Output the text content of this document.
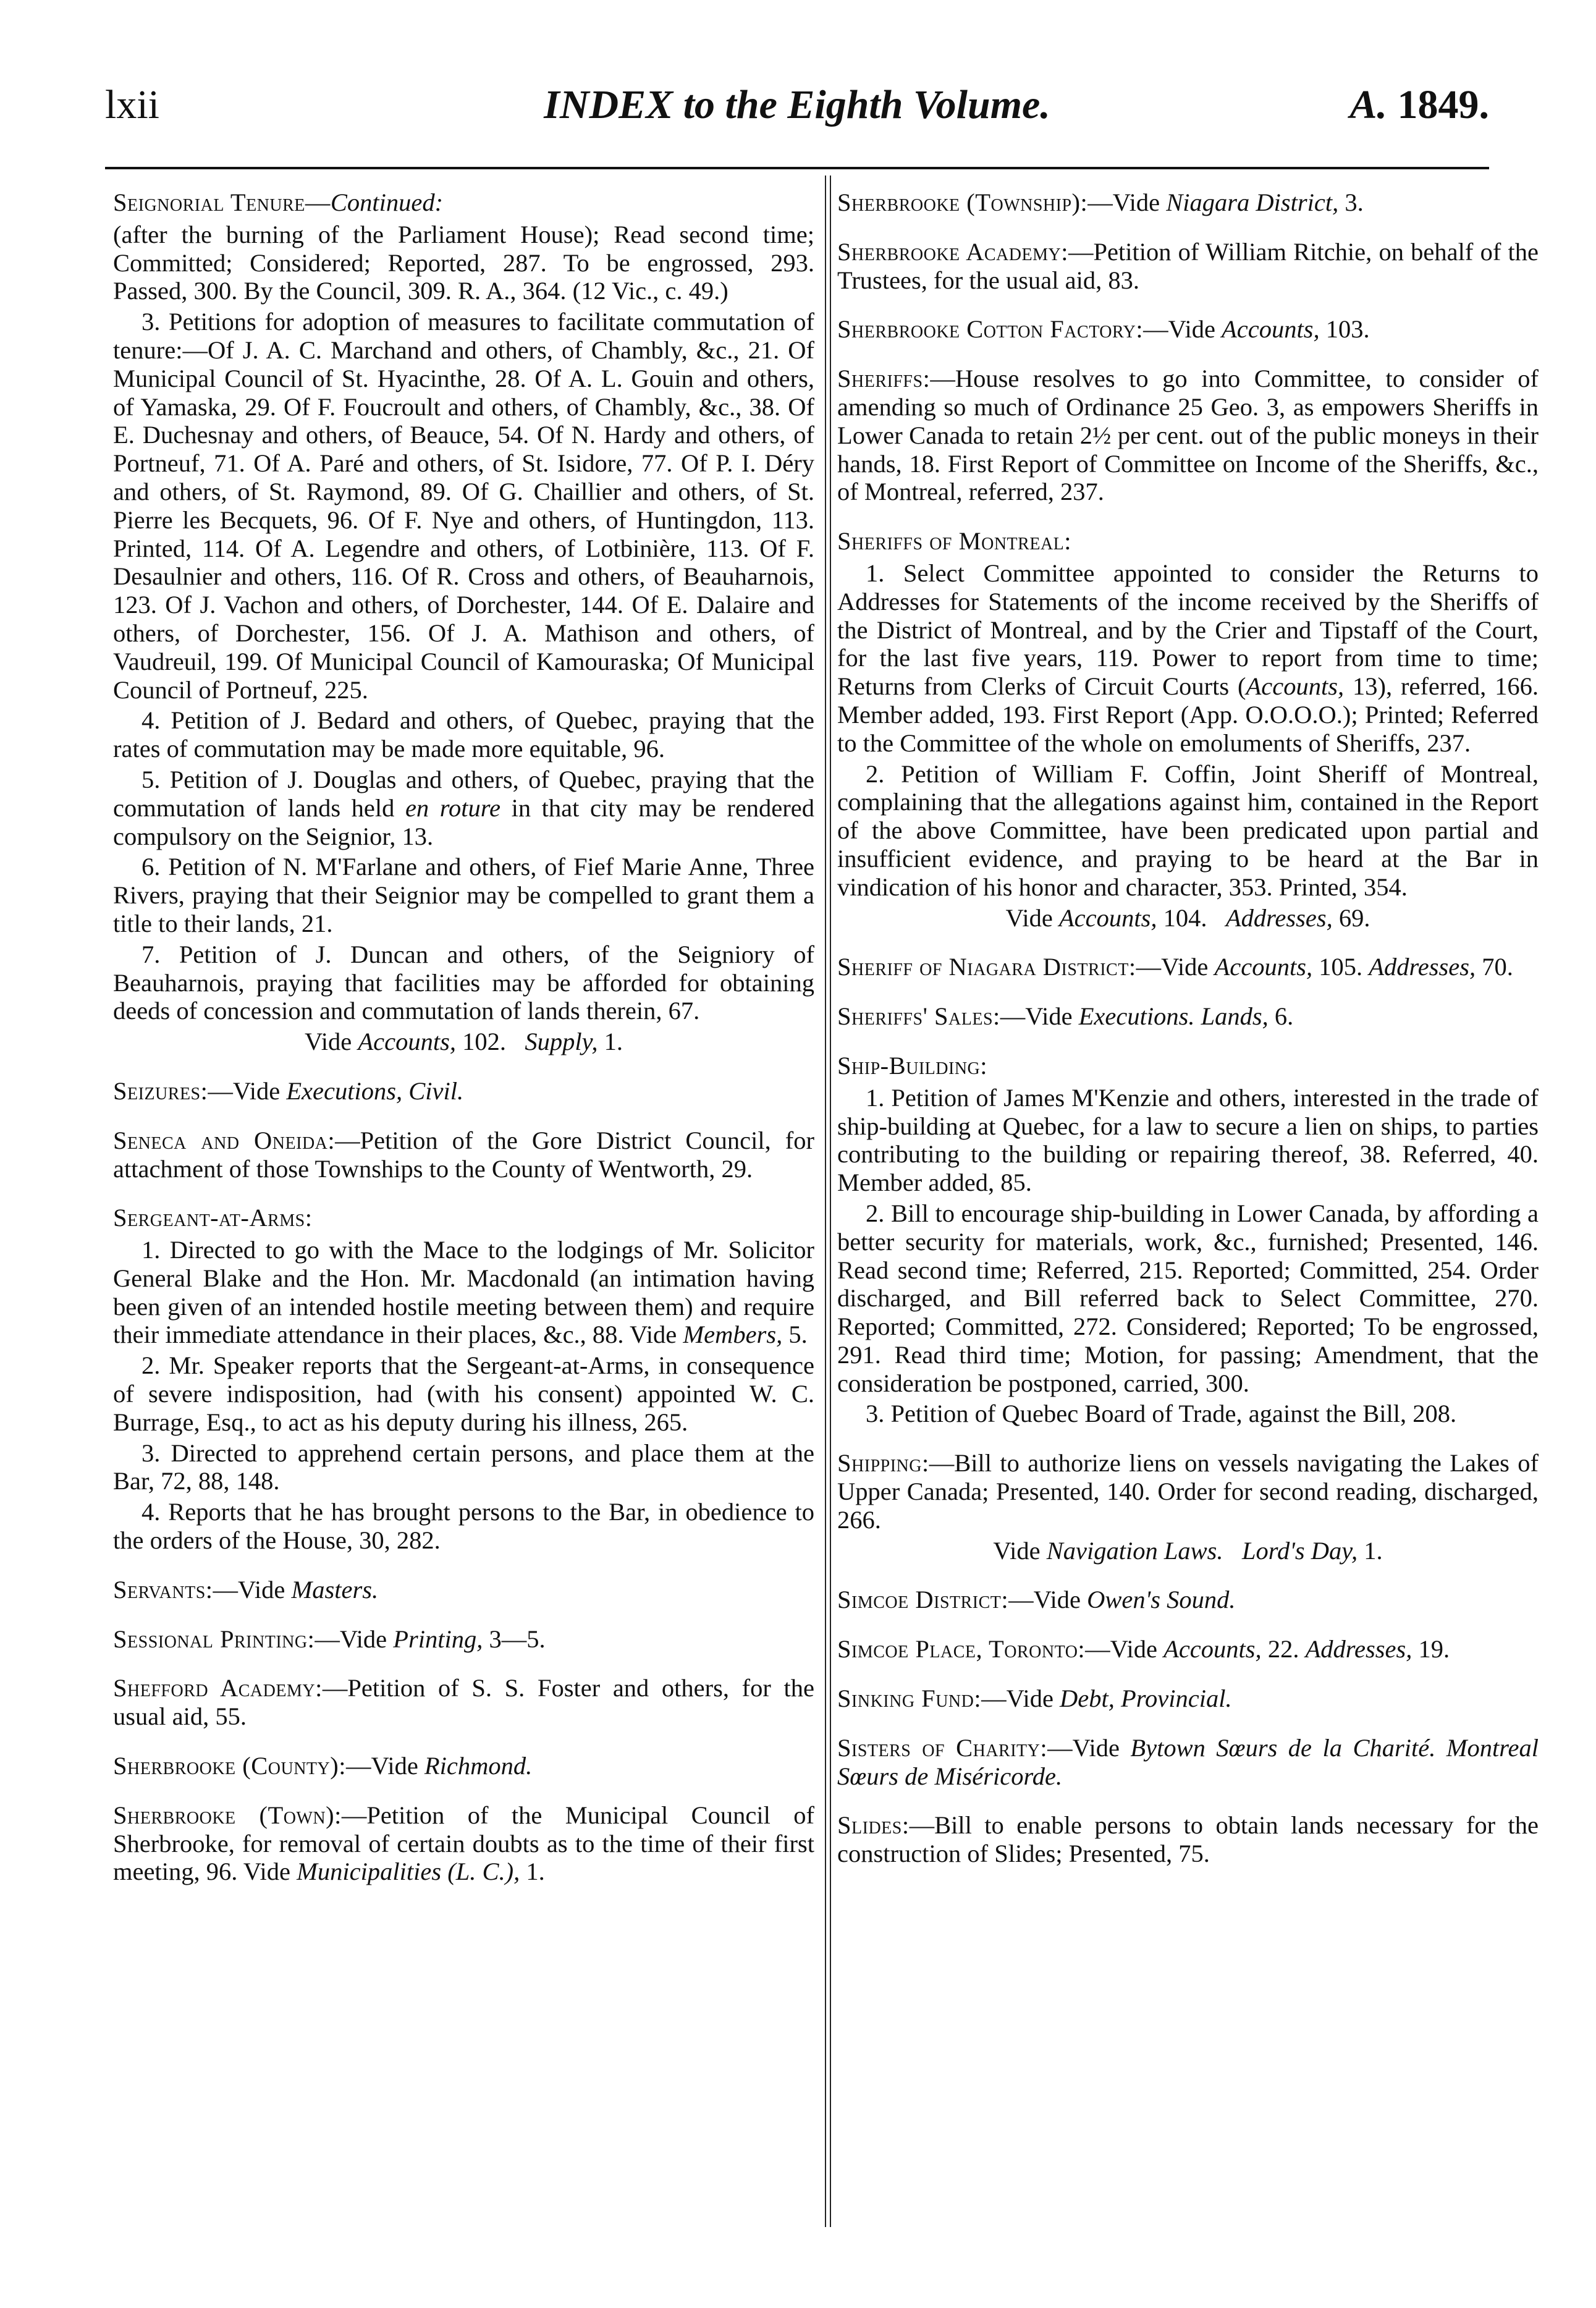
lxii	INDEX to the Eighth Volume.	A. 1849.
Seignorial Tenure—Continued:

(after the burning of the Parliament House); Read second time; Committed; Considered; Reported, 287. To be engrossed, 293. Passed, 300. By the Council, 309. R. A., 364. (12 Vic., c. 49.)

3. Petitions for adoption of measures to facilitate commutation of tenure:—Of J. A. C. Marchand and others, of Chambly, &c., 21. Of Municipal Council of St. Hyacinthe, 28. Of A. L. Gouin and others, of Yamaska, 29. Of F. Foucroult and others, of Chambly, &c., 38. Of E. Duchesnay and others, of Beauce, 54. Of N. Hardy and others, of Portneuf, 71. Of A. Paré and others, of St. Isidore, 77. Of P. I. Déry and others, of St. Raymond, 89. Of G. Chaillier and others, of St. Pierre les Becquets, 96. Of F. Nye and others, of Huntingdon, 113. Printed, 114. Of A. Legendre and others, of Lotbinière, 113. Of F. Desaulnier and others, 116. Of R. Cross and others, of Beauharnois, 123. Of J. Vachon and others, of Dorchester, 144. Of E. Dalaire and others, of Dorchester, 156. Of J. A. Mathison and others, of Vaudreuil, 199. Of Municipal Council of Kamouraska; Of Municipal Council of Portneuf, 225.

4. Petition of J. Bedard and others, of Quebec, praying that the rates of commutation may be made more equitable, 96.

5. Petition of J. Douglas and others, of Quebec, praying that the commutation of lands held en roture in that city may be rendered compulsory on the Seignior, 13.

6. Petition of N. M'Farlane and others, of Fief Marie Anne, Three Rivers, praying that their Seignior may be compelled to grant them a title to their lands, 21.

7. Petition of J. Duncan and others, of the Seigniory of Beauharnois, praying that facilities may be afforded for obtaining deeds of concession and commutation of lands therein, 67.

Vide Accounts, 102. Supply, 1.

Seizures:—Vide Executions, Civil.
Seneca and Oneida:—Petition of the Gore District Council, for attachment of those Townships to the County of Wentworth, 29.
Sergeant-at-Arms:

1. Directed to go with the Mace to the lodgings of Mr. Solicitor General Blake and the Hon. Mr. Macdonald (an intimation having been given of an intended hostile meeting between them) and require their immediate attendance in their places, &c., 88. Vide Members, 5.

2. Mr. Speaker reports that the Sergeant-at-Arms, in consequence of severe indisposition, had (with his consent) appointed W. C. Burrage, Esq., to act as his deputy during his illness, 265.

3. Directed to apprehend certain persons, and place them at the Bar, 72, 88, 148.

4. Reports that he has brought persons to the Bar, in obedience to the orders of the House, 30, 282.

Servants:—Vide Masters.
Sessional Printing:—Vide Printing, 3—5.
Shefford Academy:—Petition of S. S. Foster and others, for the usual aid, 55.
Sherbrooke (County):—Vide Richmond.
Sherbrooke (Town):—Petition of the Municipal Council of Sherbrooke, for removal of certain doubts as to the time of their first meeting, 96. Vide Municipalities (L. C.), 1.
Sherbrooke (Township):—Vide Niagara District, 3.
Sherbrooke Academy:—Petition of William Ritchie, on behalf of the Trustees, for the usual aid, 83.
Sherbrooke Cotton Factory:—Vide Accounts, 103.
Sheriffs:—House resolves to go into Committee, to consider of amending so much of Ordinance 25 Geo. 3, as empowers Sheriffs in Lower Canada to retain 2½ per cent. out of the public moneys in their hands, 18. First Report of Committee on Income of the Sheriffs, &c., of Montreal, referred, 237.
Sheriffs of Montreal:

1. Select Committee appointed to consider the Returns to Addresses for Statements of the income received by the Sheriffs of the District of Montreal, and by the Crier and Tipstaff of the Court, for the last five years, 119. Power to report from time to time; Returns from Clerks of Circuit Courts (Accounts, 13), referred, 166. Member added, 193. First Report (App. O.O.O.O.); Printed; Referred to the Committee of the whole on emoluments of Sheriffs, 237.

2. Petition of William F. Coffin, Joint Sheriff of Montreal, complaining that the allegations against him, contained in the Report of the above Committee, have been predicated upon partial and insufficient evidence, and praying to be heard at the Bar in vindication of his honor and character, 353. Printed, 354.

Vide Accounts, 104. Addresses, 69.

Sheriff of Niagara District:—Vide Accounts, 105. Addresses, 70.
Sheriffs' Sales:—Vide Executions. Lands, 6.
Ship-Building:

1. Petition of James M'Kenzie and others, interested in the trade of ship-building at Quebec, for a law to secure a lien on ships, to parties contributing to the building or repairing thereof, 38. Referred, 40. Member added, 85.

2. Bill to encourage ship-building in Lower Canada, by affording a better security for materials, work, &c., furnished; Presented, 146. Read second time; Referred, 215. Reported; Committed, 254. Order discharged, and Bill referred back to Select Committee, 270. Reported; Committed, 272. Considered; Reported; To be engrossed, 291. Read third time; Motion, for passing; Amendment, that the consideration be postponed, carried, 300.

3. Petition of Quebec Board of Trade, against the Bill, 208.

Shipping:—Bill to authorize liens on vessels navigating the Lakes of Upper Canada; Presented, 140. Order for second reading, discharged, 266.

Vide Navigation Laws. Lord's Day, 1.

Simcoe District:—Vide Owen's Sound.
Simcoe Place, Toronto:—Vide Accounts, 22. Addresses, 19.
Sinking Fund:—Vide Debt, Provincial.
Sisters of Charity:—Vide Bytown Sœurs de la Charité. Montreal Sœurs de Miséricorde.
Slides:—Bill to enable persons to obtain lands necessary for the construction of Slides; Presented, 75.
